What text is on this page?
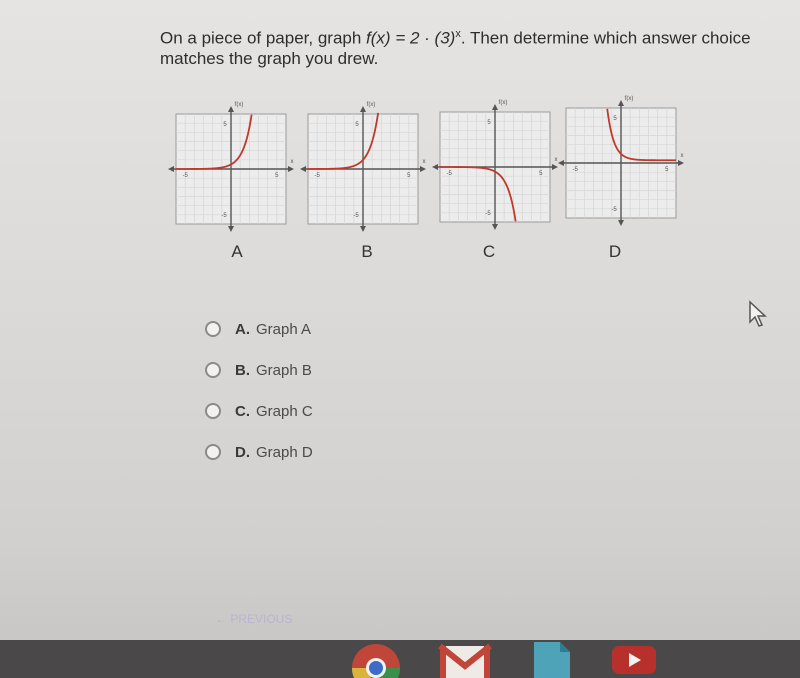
On a piece of paper, graph $f(x) = 2 \cdot (3)^x$. Then determine which answer choice matches the graph you drew.
f(x)
x
5
-5
5
-5
A
f(x)
x
5
-5
5
-5
B
f(x)
x
5
-5
5
-5
C
f(x)
x
5
-5
5
-5
D
A. Graph A
B. Graph B
C. Graph C
D. Graph D
← PREVIOUS
